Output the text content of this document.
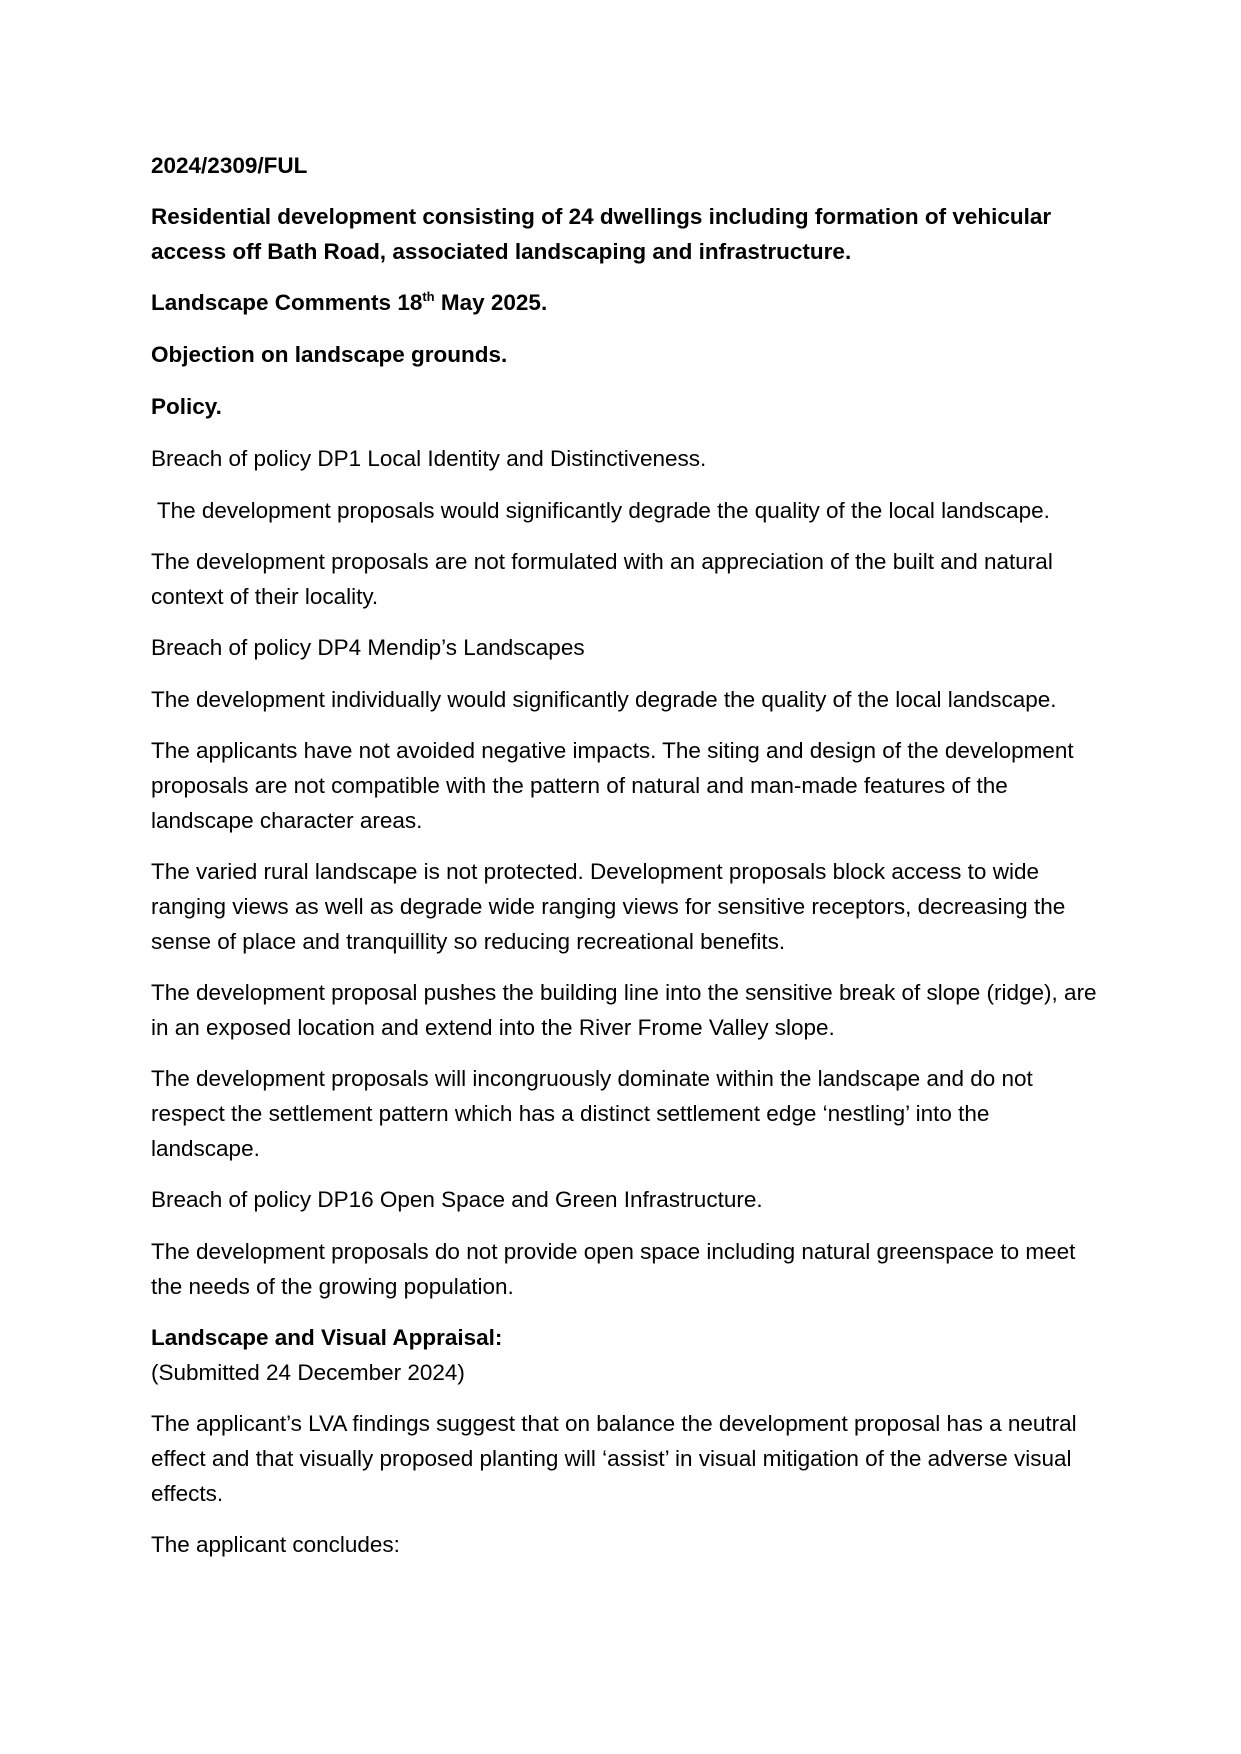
2024/2309/FUL

Residential development consisting of 24 dwellings including formation of vehicular access off Bath Road, associated landscaping and infrastructure.

Landscape Comments 18th May 2025.

Objection on landscape grounds.

Policy.

Breach of policy DP1 Local Identity and Distinctiveness.

The development proposals would significantly degrade the quality of the local landscape.

The development proposals are not formulated with an appreciation of the built and natural context of their locality.

Breach of policy DP4 Mendip’s Landscapes

The development individually would significantly degrade the quality of the local landscape.

The applicants have not avoided negative impacts. The siting and design of the development proposals are not compatible with the pattern of natural and man-made features of the landscape character areas.

The varied rural landscape is not protected. Development proposals block access to wide ranging views as well as degrade wide ranging views for sensitive receptors, decreasing the sense of place and tranquillity so reducing recreational benefits.

The development proposal pushes the building line into the sensitive break of slope (ridge), are in an exposed location and extend into the River Frome Valley slope.

The development proposals will incongruously dominate within the landscape and do not respect the settlement pattern which has a distinct settlement edge ‘nestling’ into the landscape.

Breach of policy DP16 Open Space and Green Infrastructure.

The development proposals do not provide open space including natural greenspace to meet the needs of the growing population.

Landscape and Visual Appraisal:

(Submitted 24 December 2024)

The applicant’s LVA findings suggest that on balance the development proposal has a neutral effect and that visually proposed planting will ‘assist’ in visual mitigation of the adverse visual effects.

The applicant concludes:
